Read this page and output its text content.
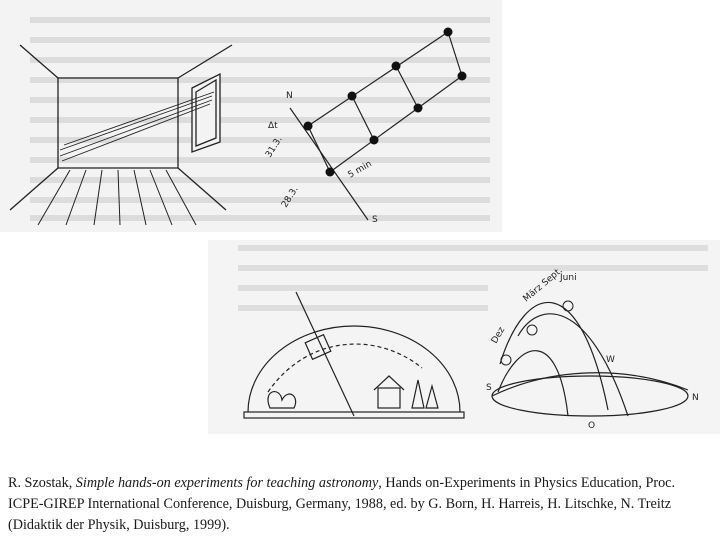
N
S
Δt
31.3.
28.3.
5 min
Juni
März Sept.
Dez
S
W
N
O

R. Szostak, Simple hands-on experiments for teaching astronomy, Hands on-Experiments in Physics Education, Proc. ICPE-GIREP International Conference, Duisburg, Germany, 1988, ed. by G. Born, H. Harreis, H. Litschke, N. Treitz (Didaktik der Physik, Duisburg, 1999).
